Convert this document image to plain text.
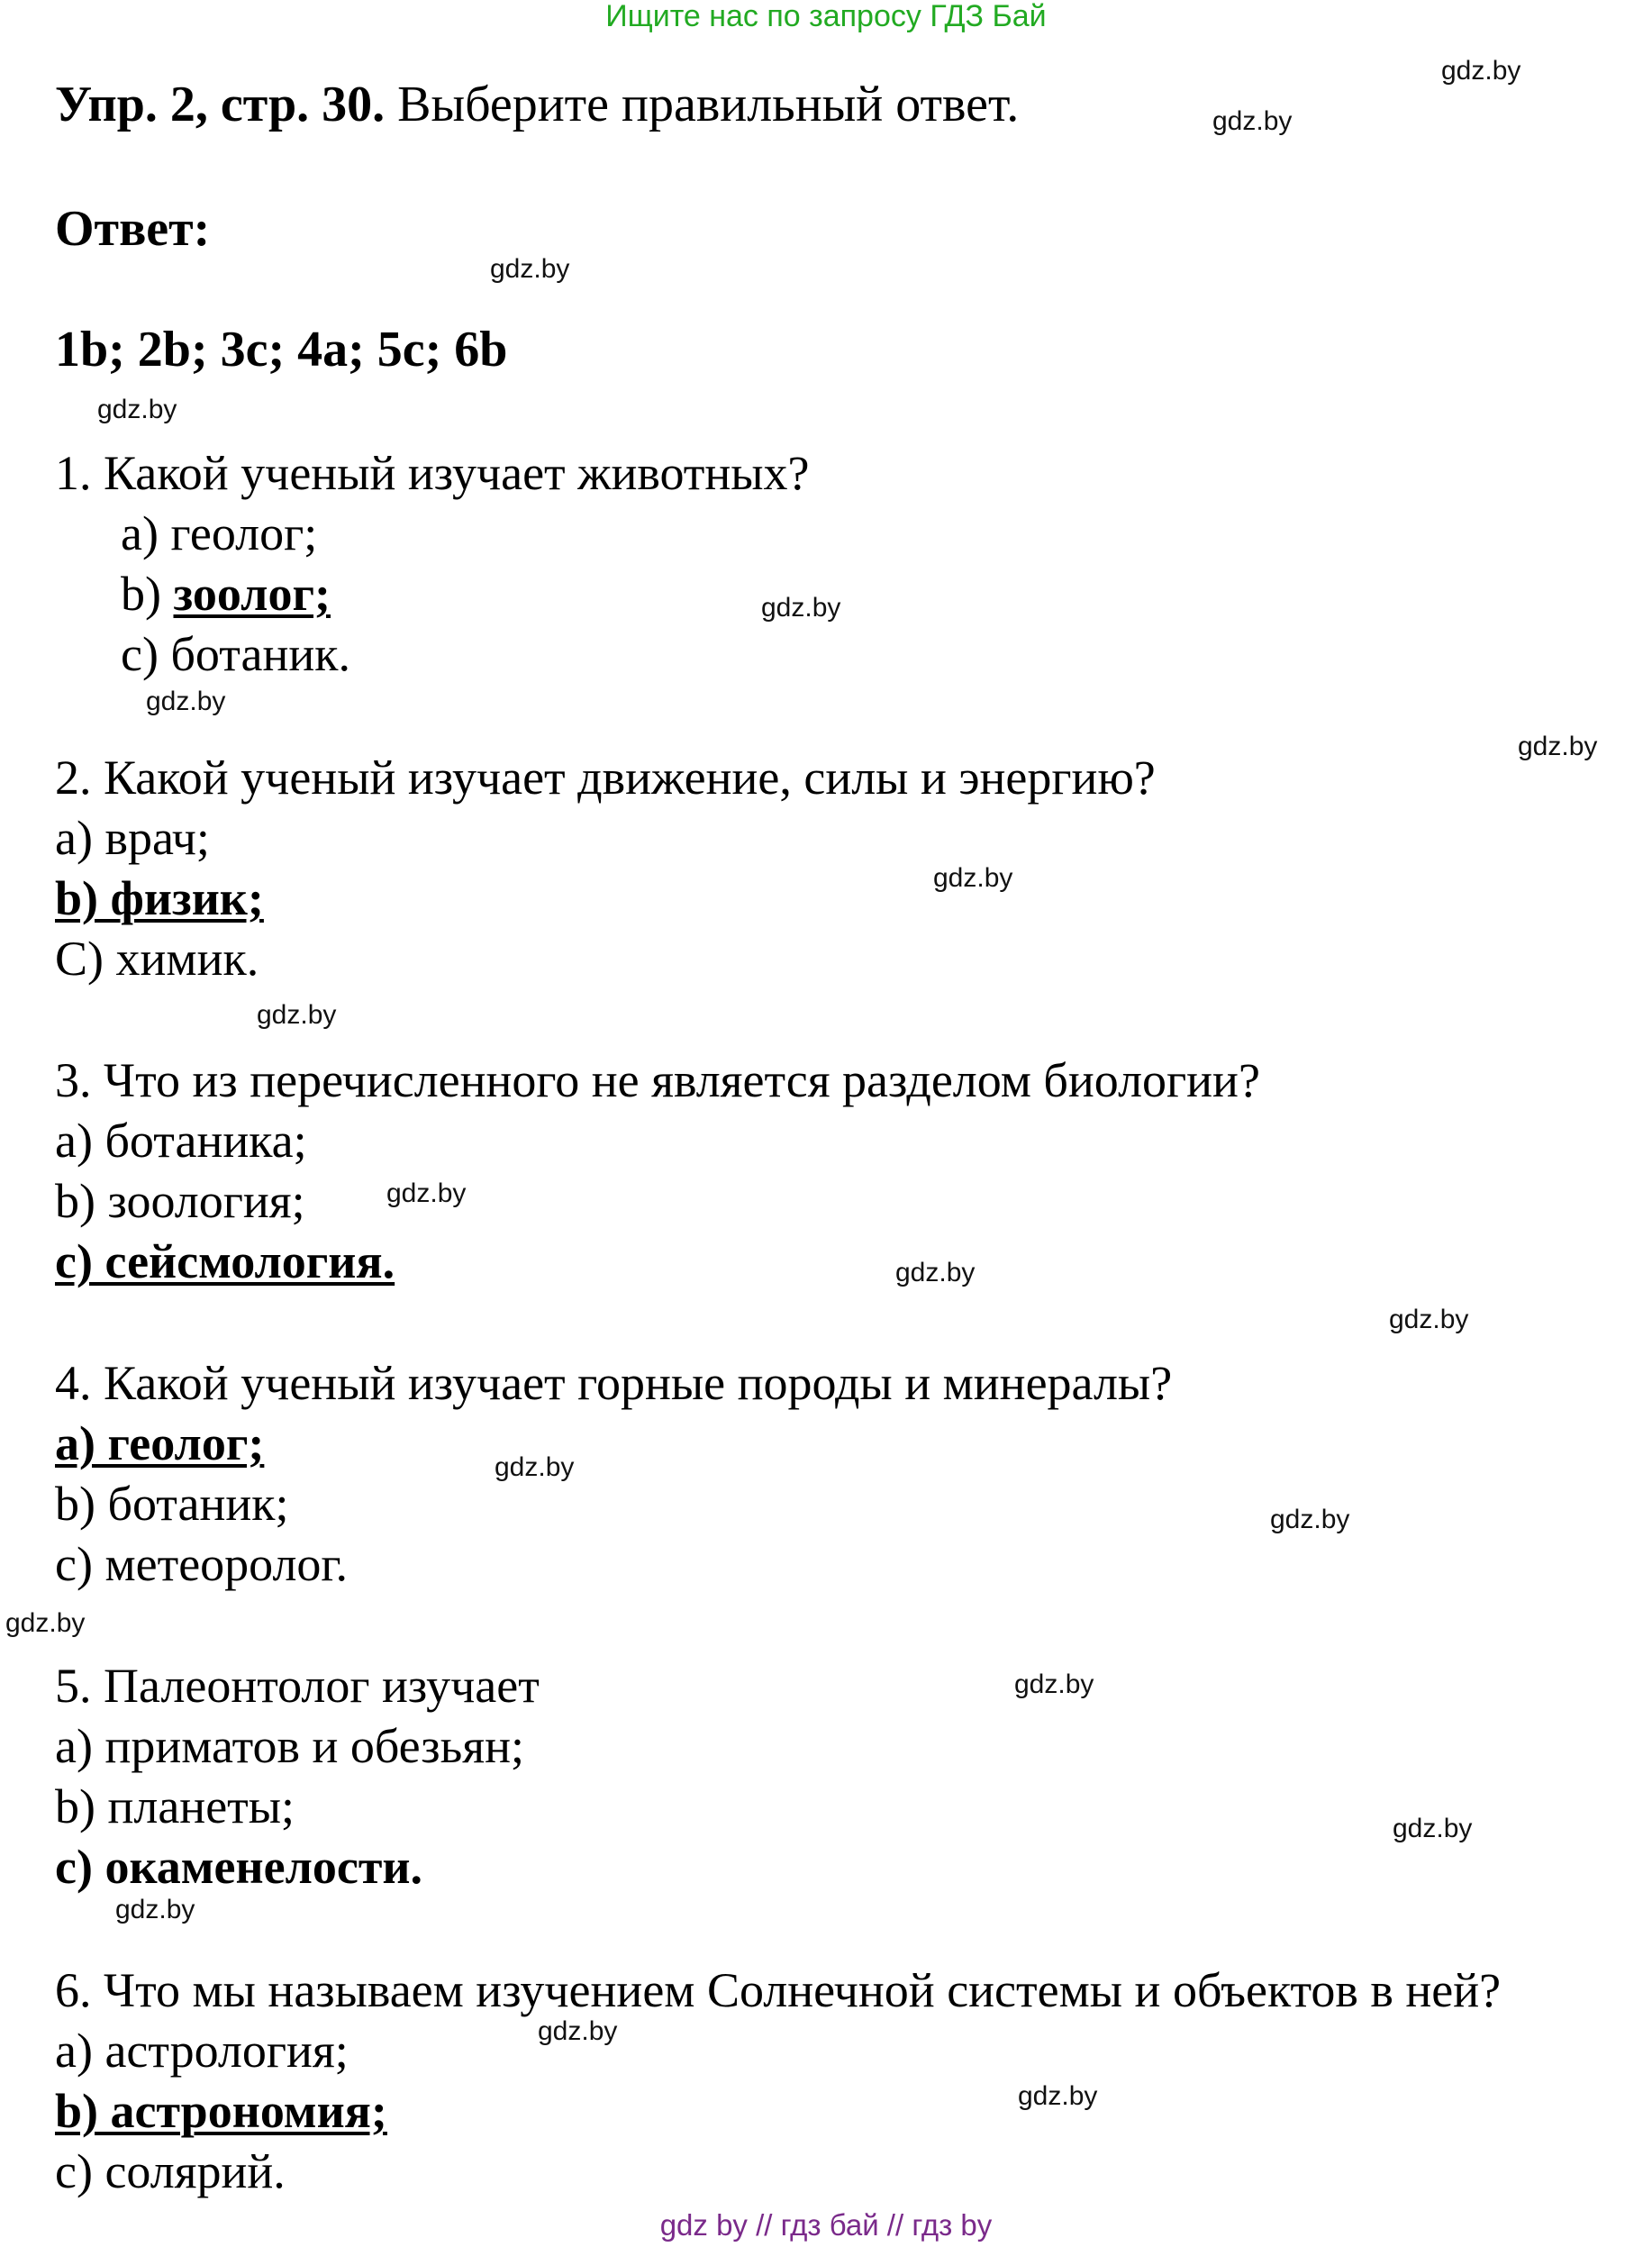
Ищите нас по запросу ГДЗ Бай
Упр. 2, стр. 30. Выберите правильный ответ.
Ответ:
1b; 2b; 3c; 4a; 5c; 6b
1. Какой ученый изучает животных?
a) геолог;
b) зоолог;
c) ботаник.
2. Какой ученый изучает движение, силы и энергию?
a) врач;
b) физик;
С) химик.
3. Что из перечисленного не является разделом биологии?
a) ботаника;
b) зоология;
c) сейсмология.
4. Какой ученый изучает горные породы и минералы?
a) геолог;
b) ботаник;
c) метеоролог.
5. Палеонтолог изучает
a) приматов и обезьян;
b) планеты;
c) окаменелости.
6. Что мы называем изучением Солнечной системы и объектов в ней?
a) астрология;
b) астрономия;
c) солярий.
gdz.by
gdz.by
gdz.by
gdz.by
gdz.by
gdz.by
gdz.by
gdz.by
gdz.by
gdz.by
gdz.by
gdz.by
gdz.by
gdz.by
gdz.by
gdz.by
gdz.by
gdz.by
gdz.by
gdz.by
gdz by // гдз бай // гдз by
